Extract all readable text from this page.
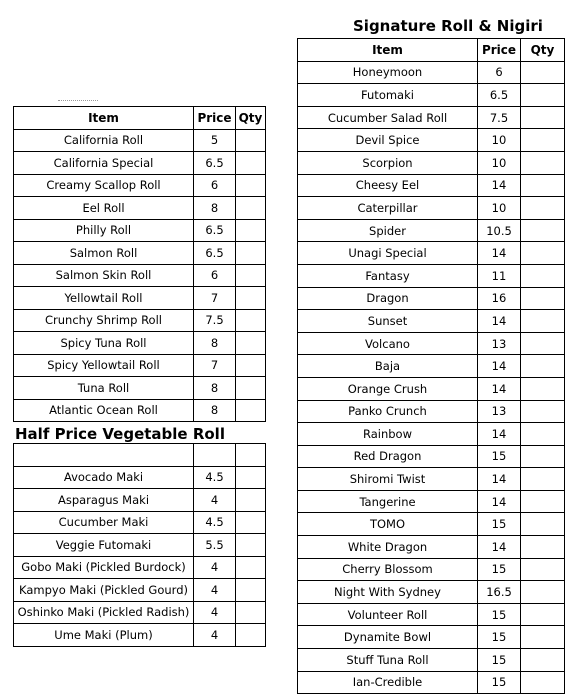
Item	Price	Qty
California Roll	5	
California Special	6.5	
Creamy Scallop Roll	6	
Eel Roll	8	
Philly Roll	6.5	
Salmon Roll	6.5	
Salmon Skin Roll	6	
Yellowtail Roll	7	
Crunchy Shrimp Roll	7.5	
Spicy Tuna Roll	8	
Spicy Yellowtail Roll	7	
Tuna Roll	8	
Atlantic Ocean Roll	8	
Half Price Vegetable Roll

Avocado Maki	4.5	
Asparagus Maki	4	
Cucumber Maki	4.5	
Veggie Futomaki	5.5	
Gobo Maki (Pickled Burdock)	4	
Kampyo Maki (Pickled Gourd)	4	
Oshinko Maki (Pickled Radish)	4	
Ume Maki (Plum)	4	
Signature Roll & Nigiri
Item	Price	Qty
Honeymoon	6	
Futomaki	6.5	
Cucumber Salad Roll	7.5	
Devil Spice	10	
Scorpion	10	
Cheesy Eel	14	
Caterpillar	10	
Spider	10.5	
Unagi Special	14	
Fantasy	11	
Dragon	16	
Sunset	14	
Volcano	13	
Baja	14	
Orange Crush	14	
Panko Crunch	13	
Rainbow	14	
Red Dragon	15	
Shiromi Twist	14	
Tangerine	14	
TOMO	15	
White Dragon	14	
Cherry Blossom	15	
Night With Sydney	16.5	
Volunteer Roll	15	
Dynamite Bowl	15	
Stuff Tuna Roll	15	
Ian-Credible	15	
